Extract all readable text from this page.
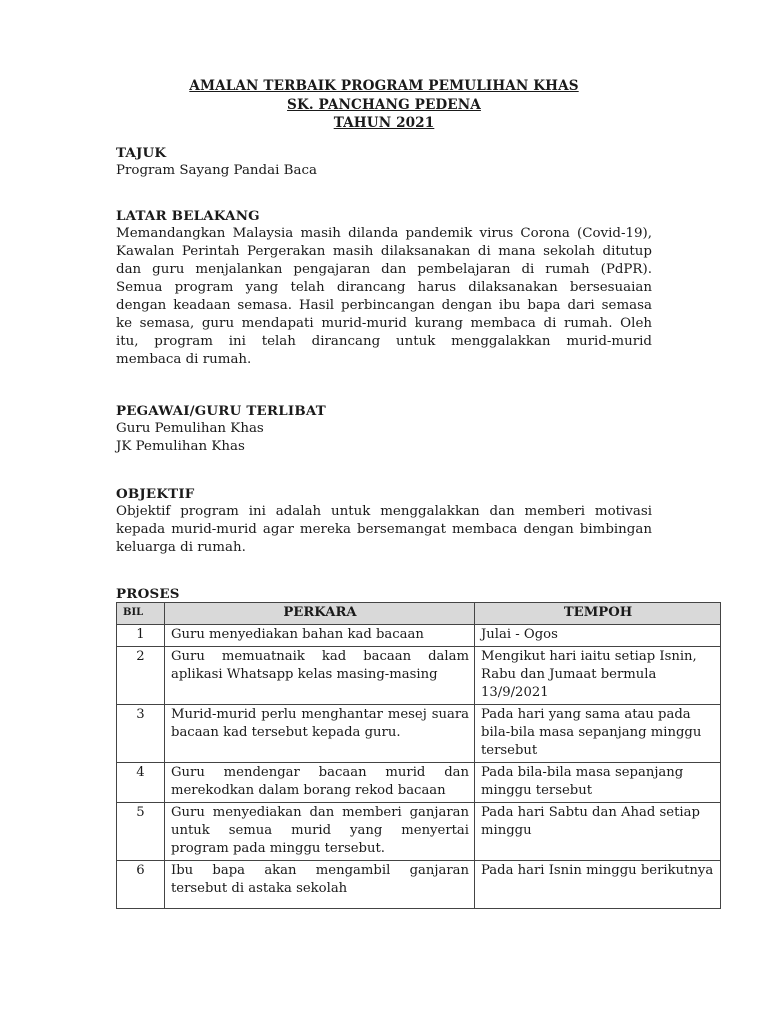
AMALAN TERBAIK PROGRAM PEMULIHAN KHAS
SK. PANCHANG PEDENA
TAHUN 2021
TAJUK
Program Sayang Pandai Baca
LATAR BELAKANG
Memandangkan Malaysia masih dilanda pandemik virus Corona (Covid-19),
Kawalan Perintah Pergerakan masih dilaksanakan di mana sekolah ditutup
dan guru menjalankan pengajaran dan pembelajaran di rumah (PdPR).
Semua program yang telah dirancang harus dilaksanakan bersesuaian
dengan keadaan semasa. Hasil perbincangan dengan ibu bapa dari semasa
ke semasa, guru mendapati murid-murid kurang membaca di rumah. Oleh
itu, program ini telah dirancang untuk menggalakkan murid-murid
membaca di rumah.
PEGAWAI/GURU TERLIBAT
Guru Pemulihan Khas
JK Pemulihan Khas
OBJEKTIF
Objektif program ini adalah untuk menggalakkan dan memberi motivasi
kepada murid-murid agar mereka bersemangat membaca dengan bimbingan
keluarga di rumah.
PROSES
BIL	PERKARA	TEMPOH
1	Guru menyediakan bahan kad bacaan	Julai - Ogos
2	Guru memuatnaik kad bacaan dalam aplikasi Whatsapp kelas masing-masing	Mengikut hari iaitu setiap Isnin, Rabu dan Jumaat bermula 13/9/2021
3	Murid-murid perlu menghantar mesej suara bacaan kad tersebut kepada guru.	Pada hari yang sama atau pada bila-bila masa sepanjang minggu tersebut
4	Guru mendengar bacaan murid dan merekodkan dalam borang rekod bacaan	Pada bila-bila masa sepanjang minggu tersebut
5	Guru menyediakan dan memberi ganjaran untuk semua murid yang menyertai program pada minggu tersebut.	Pada hari Sabtu dan Ahad setiap minggu
6	Ibu bapa akan mengambil ganjaran tersebut di astaka sekolah	Pada hari Isnin minggu berikutnya
